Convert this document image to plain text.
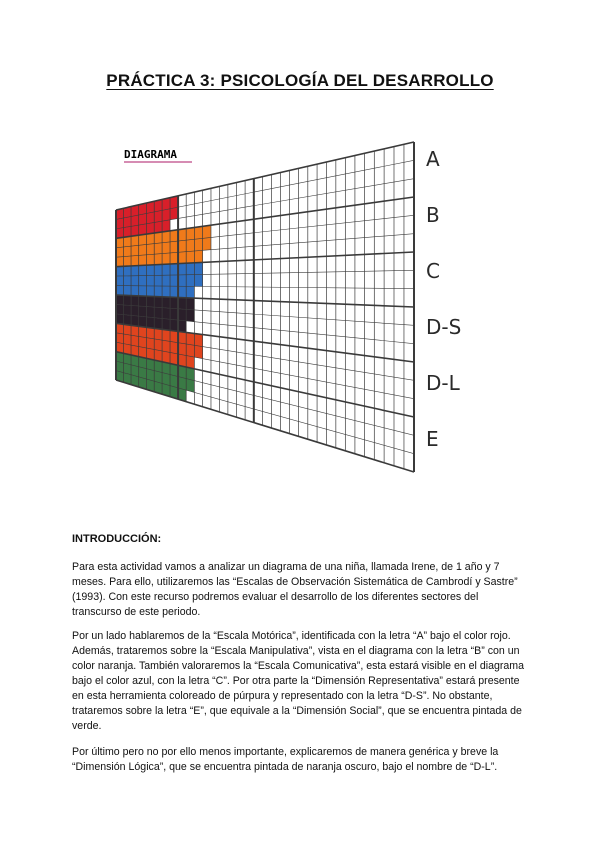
PRÁCTICA 3: PSICOLOGÍA DEL DESARROLLO
DIAGRAMA	A
B
C
D-S
D-L
E
INTRODUCCIÓN:

Para esta actividad vamos a analizar un diagrama de una niña, llamada Irene, de 1 año y 7 meses. Para ello, utilizaremos las “Escalas de Observación Sistemática de Cambrodí y Sastre” (1993). Con este recurso podremos evaluar el desarrollo de los diferentes sectores del transcurso de este periodo.

Por un lado hablaremos de la “Escala Motórica”, identificada con la letra “A” bajo el color rojo. Además, trataremos sobre la “Escala Manipulativa”, vista en el diagrama con la letra “B” con un color naranja. También valoraremos la “Escala Comunicativa”, esta estará visible en el diagrama bajo el color azul, con la letra “C”. Por otra parte la “Dimensión Representativa” estará presente en esta herramienta coloreado de púrpura y representado con la letra “D-S”. No obstante, trataremos sobre la letra “E”, que equivale a la “Dimensión Social”, que se encuentra pintada de verde.

Por último pero no por ello menos importante, explicaremos de manera genérica y breve la “Dimensión Lógica”, que se encuentra pintada de naranja oscuro, bajo el nombre de “D-L”.
